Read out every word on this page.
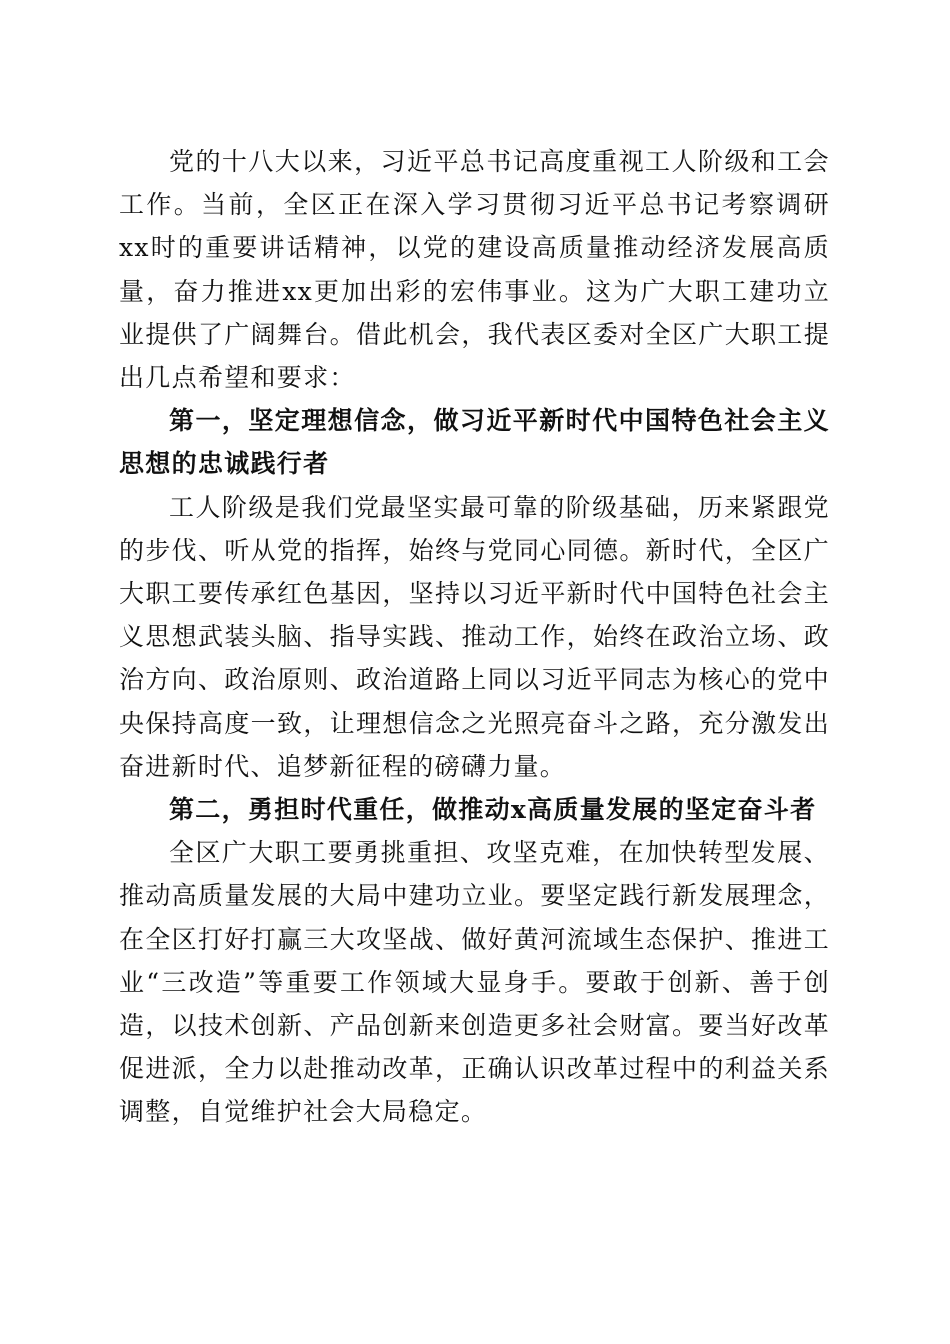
党的十八大以来，习近平总书记高度重视工人阶级和工会工作。当前，全区正在深入学习贯彻习近平总书记考察调研xx时的重要讲话精神，以党的建设高质量推动经济发展高质量，奋力推进xx更加出彩的宏伟事业。这为广大职工建功立业提供了广阔舞台。借此机会，我代表区委对全区广大职工提出几点希望和要求：

第一，坚定理想信念，做习近平新时代中国特色社会主义思想的忠诚践行者

工人阶级是我们党最坚实最可靠的阶级基础，历来紧跟党的步伐、听从党的指挥，始终与党同心同德。新时代，全区广大职工要传承红色基因，坚持以习近平新时代中国特色社会主义思想武装头脑、指导实践、推动工作，始终在政治立场、政治方向、政治原则、政治道路上同以习近平同志为核心的党中央保持高度一致，让理想信念之光照亮奋斗之路，充分激发出奋进新时代、追梦新征程的磅礴力量。

第二，勇担时代重任，做推动x高质量发展的坚定奋斗者

全区广大职工要勇挑重担、攻坚克难，在加快转型发展、推动高质量发展的大局中建功立业。要坚定践行新发展理念，在全区打好打赢三大攻坚战、做好黄河流域生态保护、推进工业“三改造”等重要工作领域大显身手。要敢于创新、善于创造，以技术创新、产品创新来创造更多社会财富。要当好改革促进派，全力以赴推动改革，正确认识改革过程中的利益关系调整，自觉维护社会大局稳定。
